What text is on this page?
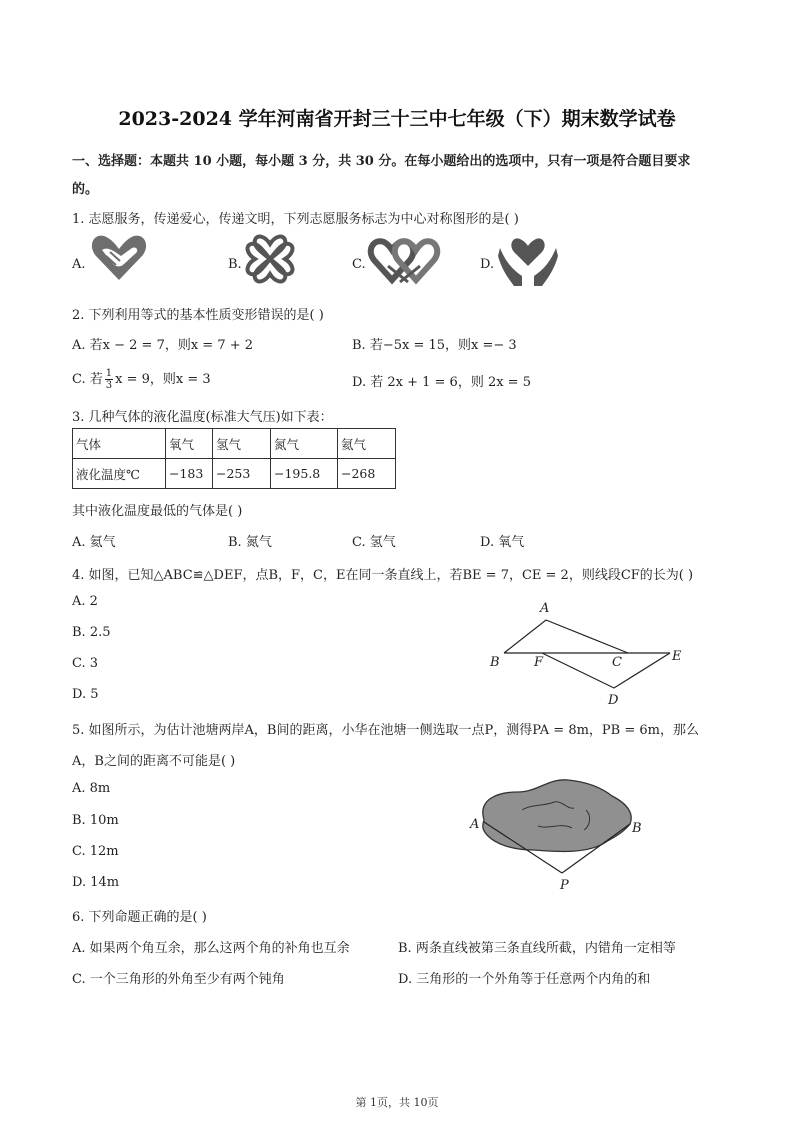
2023-2024 学年河南省开封三十三中七年级（下）期末数学试卷
一、选择题：本题共 10 小题，每小题 3 分，共 30 分。在每小题给出的选项中，只有一项是符合题目要求
的。
1. 志愿服务，传递爱心，传递文明，下列志愿服务标志为中心对称图形的是( )
A.	B.	C.	D.
2. 下列利用等式的基本性质变形错误的是( )
A. 若x − 2 = 7，则x = 7 + 2	B. 若−5x = 15，则x =− 3
C. 若 $\frac{1}{3}$ x = 9，则x = 3	D. 若 2x + 1 = 6，则 2x = 5
3. 几种气体的液化温度(标准大气压)如下表：
气体	氧气	氢气	氮气	氦气
液化温度℃	−183	−253	−195.8	−268
其中液化温度最低的气体是( )
A. 氦气	B. 氮气	C. 氢气	D. 氧气
4. 如图，已知△ABC≌△DEF，点B，F，C，E在同一条直线上，若BE = 7，CE = 2，则线段CF的长为( )
A. 2
B. 2.5
C. 3
D. 5
A
B	F	C	E
D
5. 如图所示，为估计池塘两岸A，B间的距离，小华在池塘一侧选取一点P，测得PA = 8m，PB = 6m，那么
A，B之间的距离不可能是( )
A. 8m
B. 10m
C. 12m
D. 14m
A	B
P
6. 下列命题正确的是( )
A. 如果两个角互余，那么这两个角的补角也互余	B. 两条直线被第三条直线所截，内错角一定相等
C. 一个三角形的外角至少有两个钝角	D. 三角形的一个外角等于任意两个内角的和
第 1页，共 10页
